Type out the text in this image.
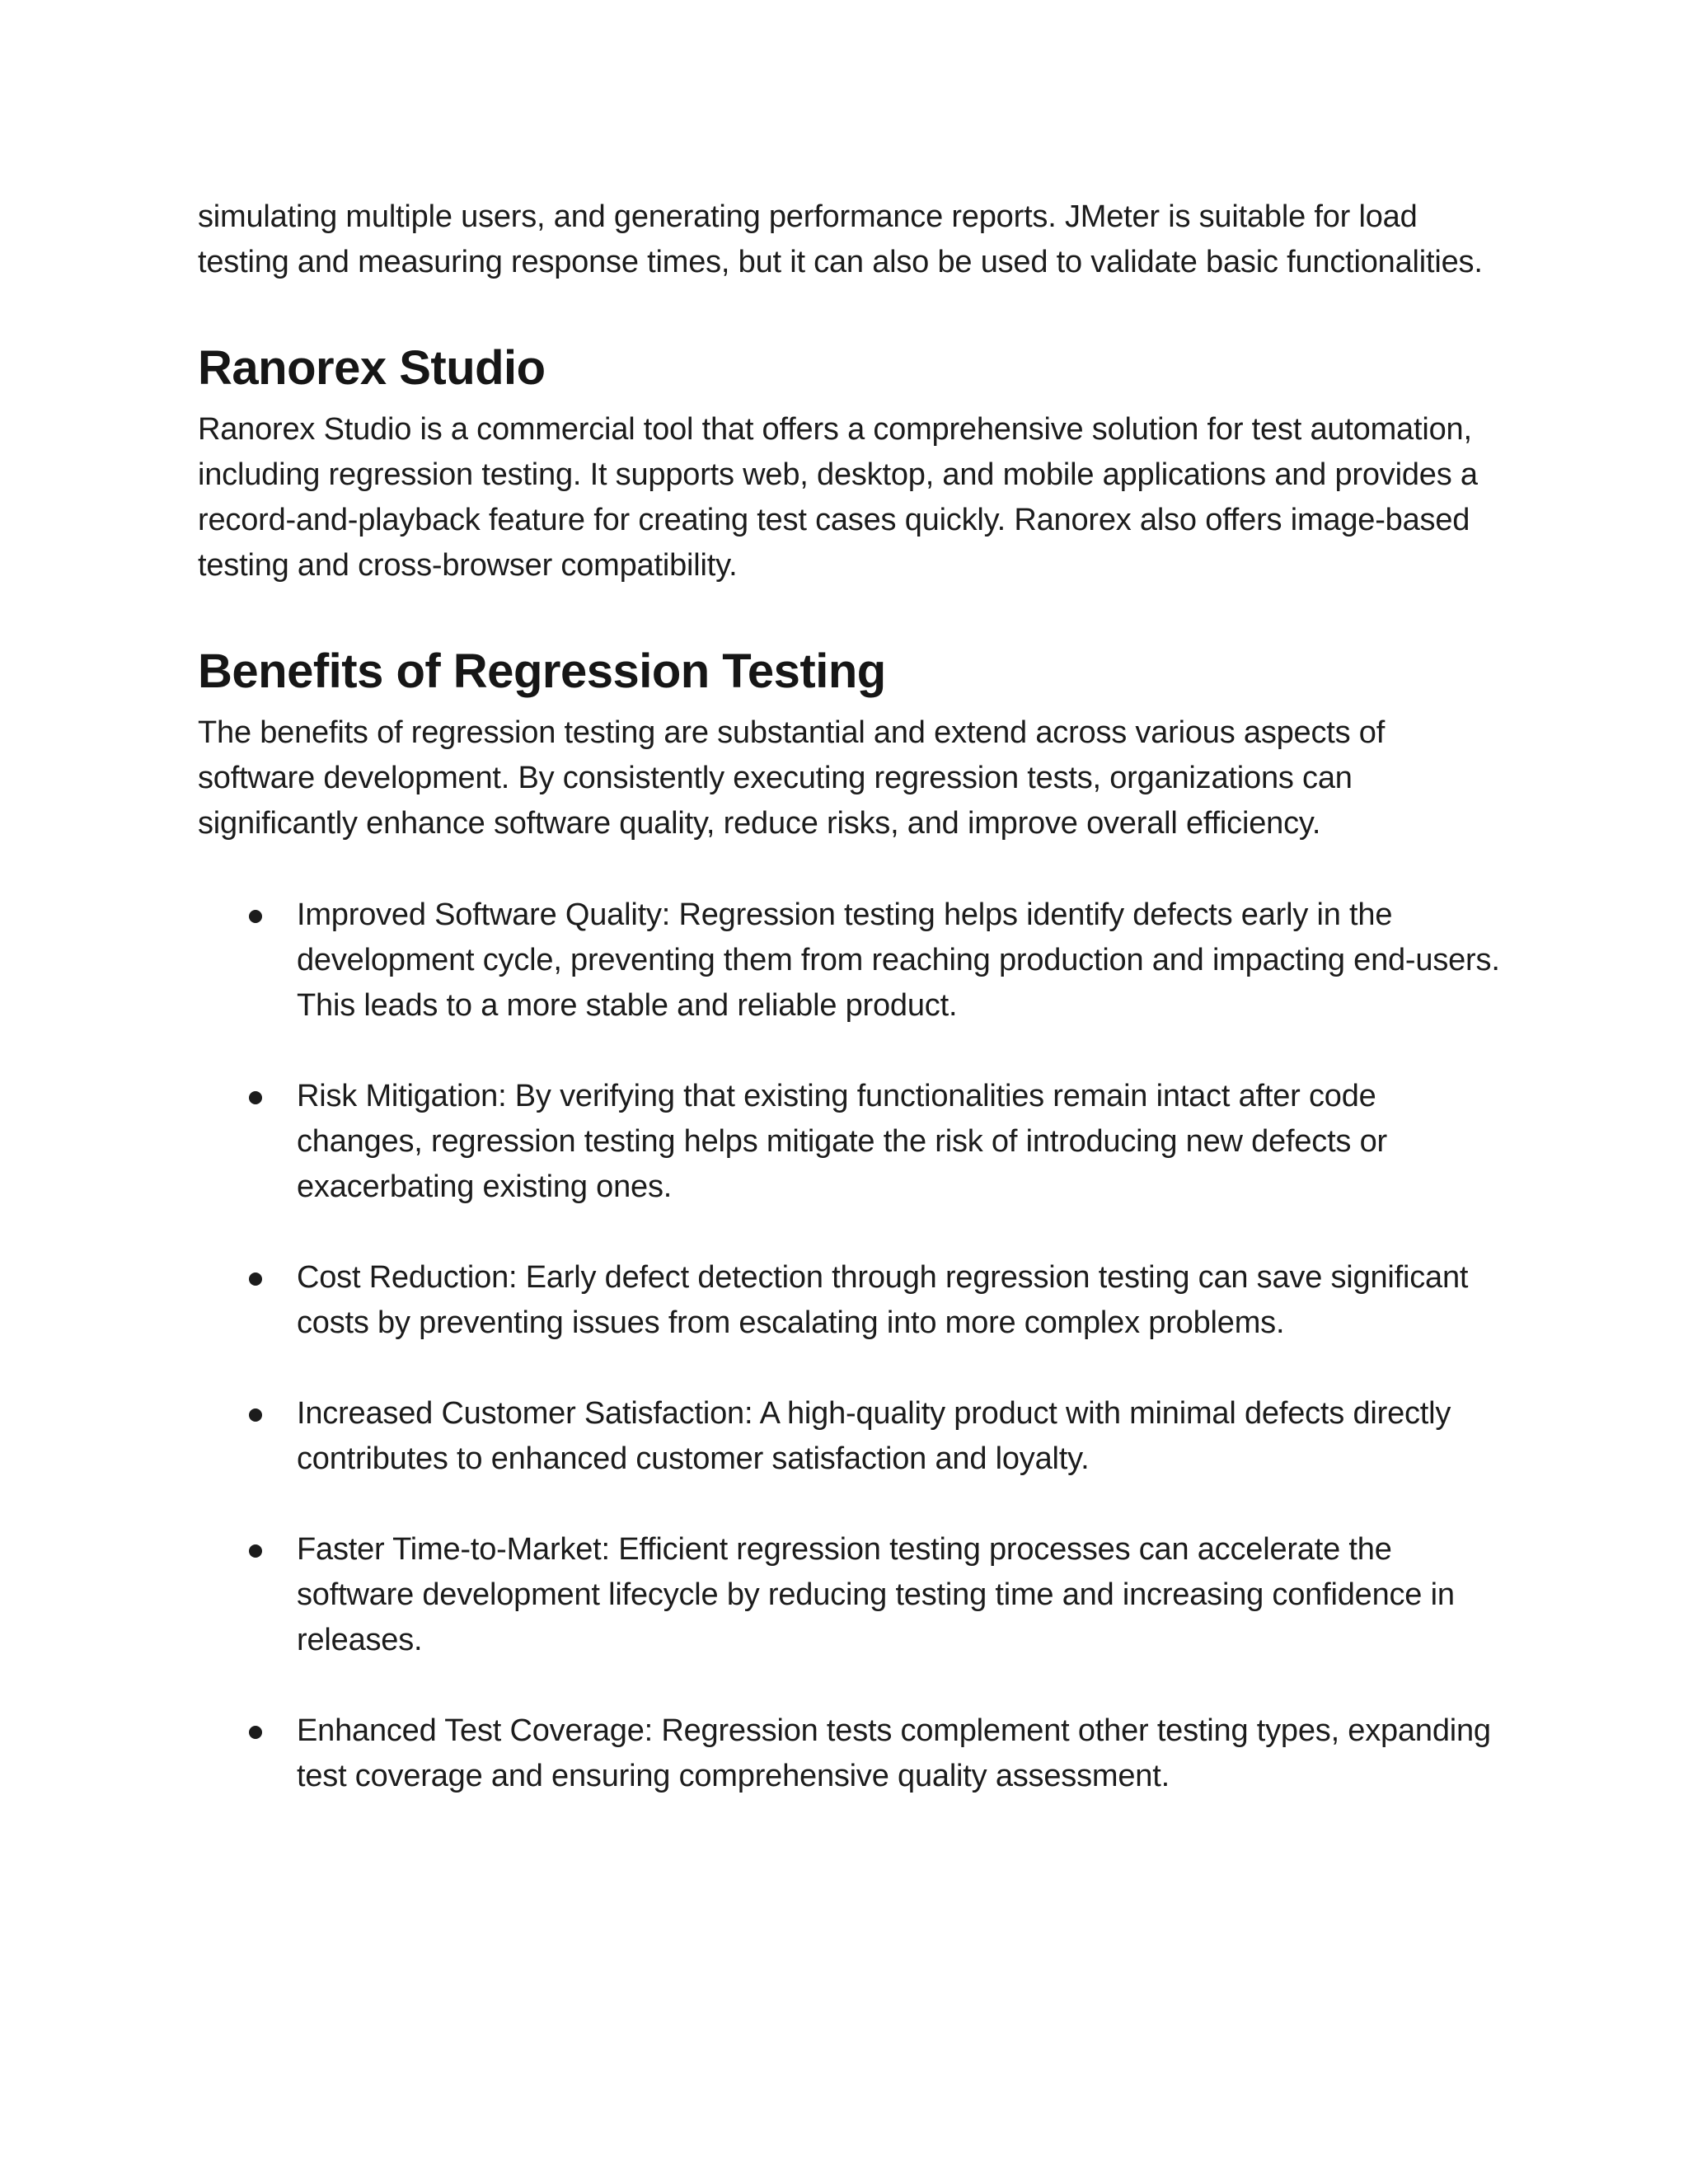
simulating multiple users, and generating performance reports. JMeter is suitable for load testing and measuring response times, but it can also be used to validate basic functionalities.

Ranorex Studio

Ranorex Studio is a commercial tool that offers a comprehensive solution for test automation, including regression testing. It supports web, desktop, and mobile applications and provides a record-and-playback feature for creating test cases quickly. Ranorex also offers image-based testing and cross-browser compatibility.

Benefits of Regression Testing

The benefits of regression testing are substantial and extend across various aspects of software development. By consistently executing regression tests, organizations can significantly enhance software quality, reduce risks, and improve overall efficiency.

Improved Software Quality: Regression testing helps identify defects early in the development cycle, preventing them from reaching production and impacting end-users. This leads to a more stable and reliable product.
Risk Mitigation: By verifying that existing functionalities remain intact after code changes, regression testing helps mitigate the risk of introducing new defects or exacerbating existing ones.
Cost Reduction: Early defect detection through regression testing can save significant costs by preventing issues from escalating into more complex problems.
Increased Customer Satisfaction: A high-quality product with minimal defects directly contributes to enhanced customer satisfaction and loyalty.
Faster Time-to-Market: Efficient regression testing processes can accelerate the software development lifecycle by reducing testing time and increasing confidence in releases.
Enhanced Test Coverage: Regression tests complement other testing types, expanding test coverage and ensuring comprehensive quality assessment.
